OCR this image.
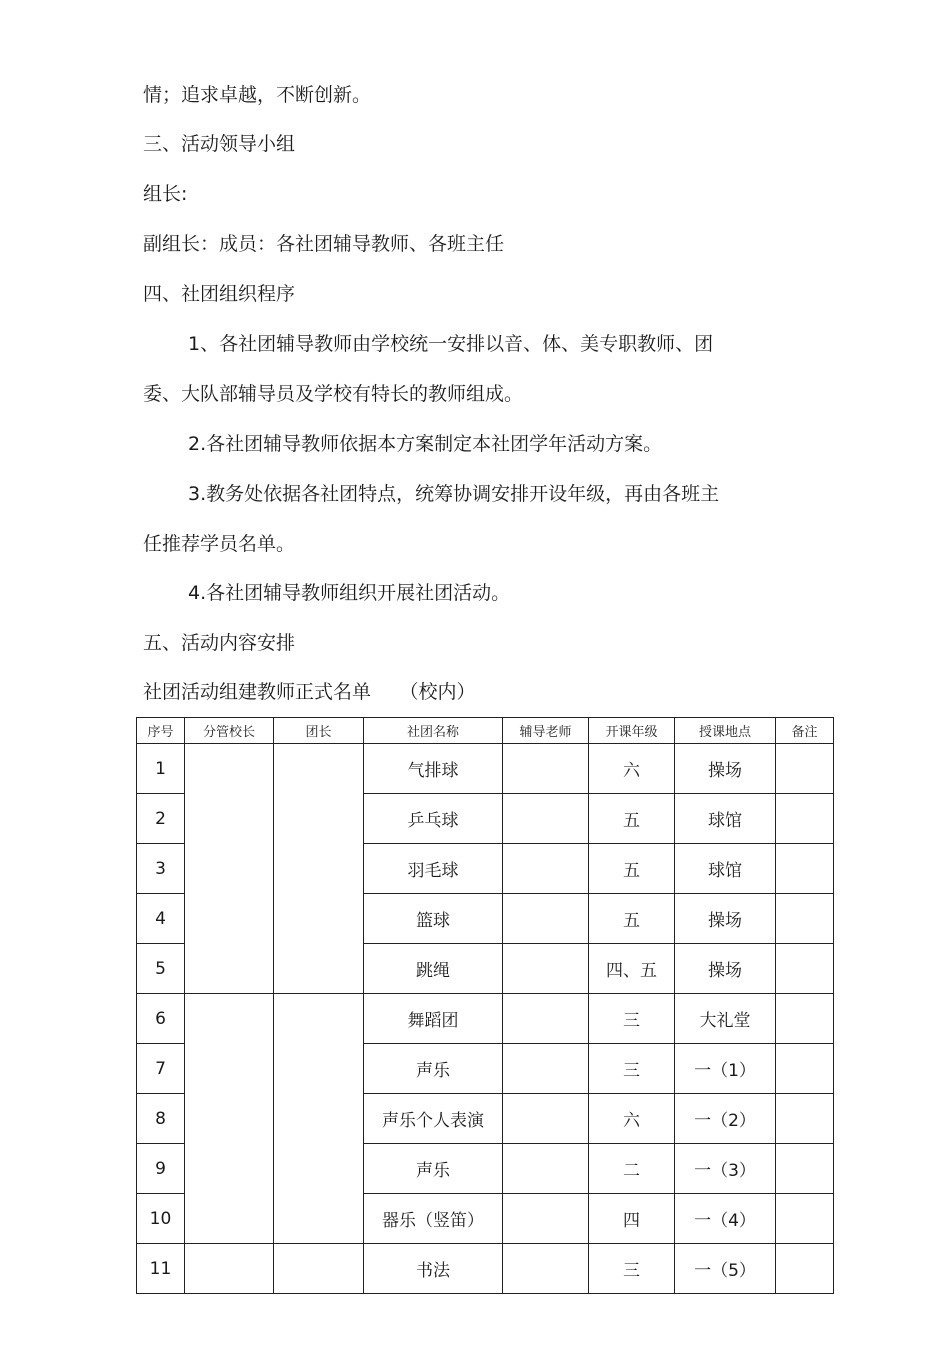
情；追求卓越，不断创新。
三、活动领导小组
组长:
副组长：成员：各社团辅导教师、各班主任
四、社团组织程序
1、各社团辅导教师由学校统一安排以音、体、美专职教师、团
委、大队部辅导员及学校有特长的教师组成。
2.各社团辅导教师依据本方案制定本社团学年活动方案。
3.教务处依据各社团特点，统筹协调安排开设年级，再由各班主
任推荐学员名单。
4.各社团辅导教师组织开展社团活动。
五、活动内容安排
社团活动组建教师正式名单　　（校内）
序号	分管校长	团长	社团名称	辅导老师	开课年级	授课地点	备注
1			气排球		六	操场	
2			乒乓球		五	球馆	
3			羽毛球		五	球馆	
4			篮球		五	操场	
5			跳绳		四、五	操场	
6			舞蹈团		三	大礼堂	
7			声乐		三	一（1）	
8			声乐个人表演		六	一（2）	
9			声乐		二	一（3）	
10			器乐（竖笛）		四	一（4）	
11			书法		三	一（5）	
